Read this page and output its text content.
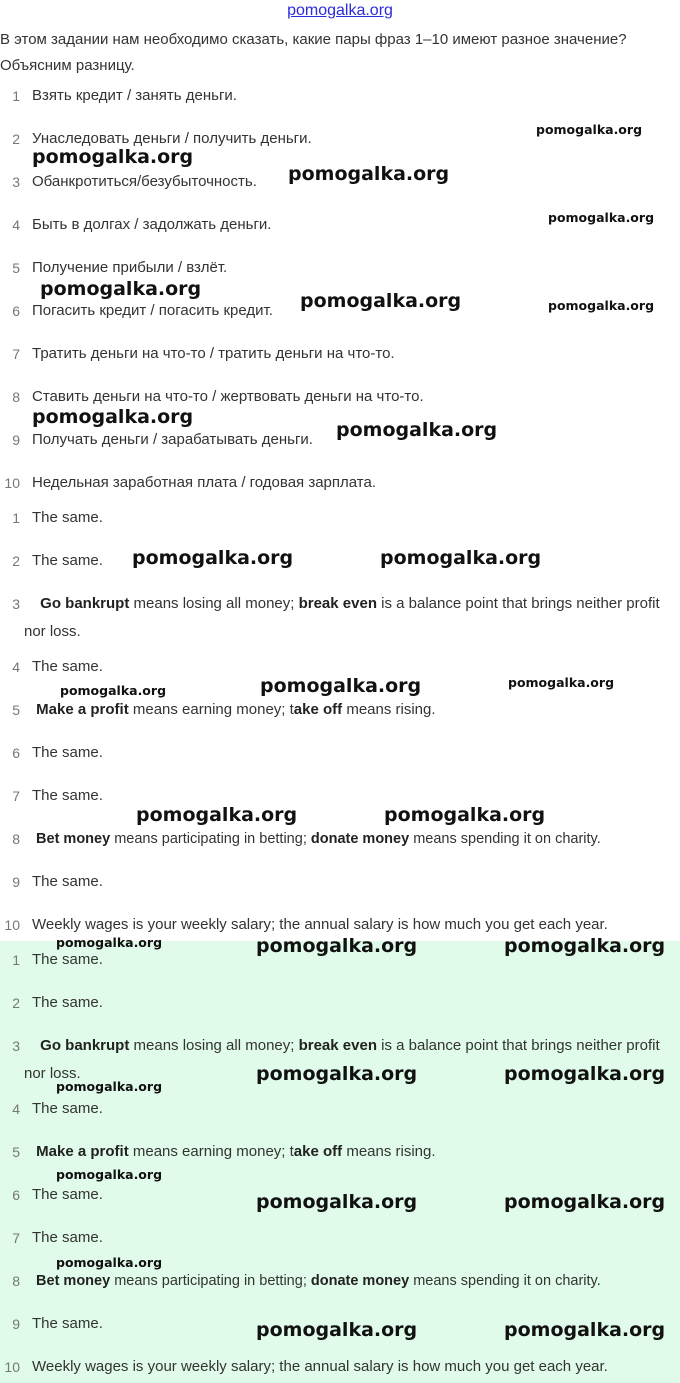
pomogalka.org
В этом задании нам необходимо сказать, какие пары фраз 1–10 имеют разное значение? Объясним разницу.
1 Взять кредит / занять деньги.
2 Унаследовать деньги / получить деньги.
3 Обанкротиться/безубыточность.
4 Быть в долгах / задолжать деньги.
5 Получение прибыли / взлёт.
6 Погасить кредит / погасить кредит.
7 Тратить деньги на что-то / тратить деньги на что-то.
8 Ставить деньги на что-то / жертвовать деньги на что-то.
9 Получать деньги / зарабатывать деньги.
10 Недельная заработная плата / годовая зарплата.
1 The same.
2 The same.
3	Go bankrupt means losing all money; break even is a balance point that brings neither profit nor loss.
4 The same.
5 Make a profit means earning money; take off means rising.
6 The same.
7 The same.
8 Bet money means participating in betting; donate money means spending it on charity.
9 The same.
10 Weekly wages is your weekly salary; the annual salary is how much you get each year.
1 The same.
2 The same.
3	Go bankrupt means losing all money; break even is a balance point that brings neither profit nor loss.
4 The same.
5 Make a profit means earning money; take off means rising.
6 The same.
7 The same.
8 Bet money means participating in betting; donate money means spending it on charity.
9 The same.
10 Weekly wages is your weekly salary; the annual salary is how much you get each year.
pomogalka.org
pomogalka.org
pomogalka.org
pomogalka.org
pomogalka.org
pomogalka.org	pomogalka.org
pomogalka.org
pomogalka.org
pomogalka.org	pomogalka.org
pomogalka.org
pomogalka.org
pomogalka.org
pomogalka.org	pomogalka.org
pomogalka.org	pomogalka.org	pomogalka.org
pomogalka.org
pomogalka.org	pomogalka.org
pomogalka.org
pomogalka.org	pomogalka.org
pomogalka.org
pomogalka.org	pomogalka.org
